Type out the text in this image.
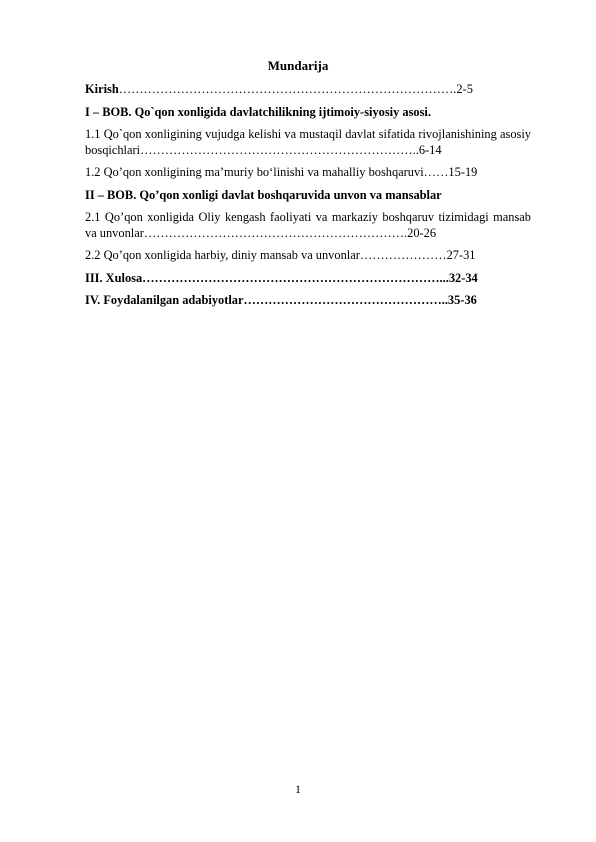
Mundarija
Kirish……………………………………………………………………….2-5
I – BOB. Qo`qon xonligida davlatchilikning ijtimoiy-siyosiy asosi.
1.1 Qo`qon xonligining vujudga kelishi va mustaqil davlat sifatida rivojlanishining asosiy bosqichlari…………………………………………………………..6-14
1.2 Qo’qon xonligining ma’muriy bo‘linishi va mahalliy boshqaruvi……15-19
II – BOB. Qo’qon xonligi davlat boshqaruvida unvon va mansablar
2.1 Qo’qon xonligida Oliy kengash faoliyati va markaziy boshqaruv tizimidagi mansab va unvonlar……………………………………………………….20-26
2.2 Qo’qon xonligida harbiy, diniy mansab va unvonlar…………………27-31
III. Xulosa………………………………………………………………...32-34
IV. Foydalanilgan adabiyotlar…………………………………………..35-36
1
